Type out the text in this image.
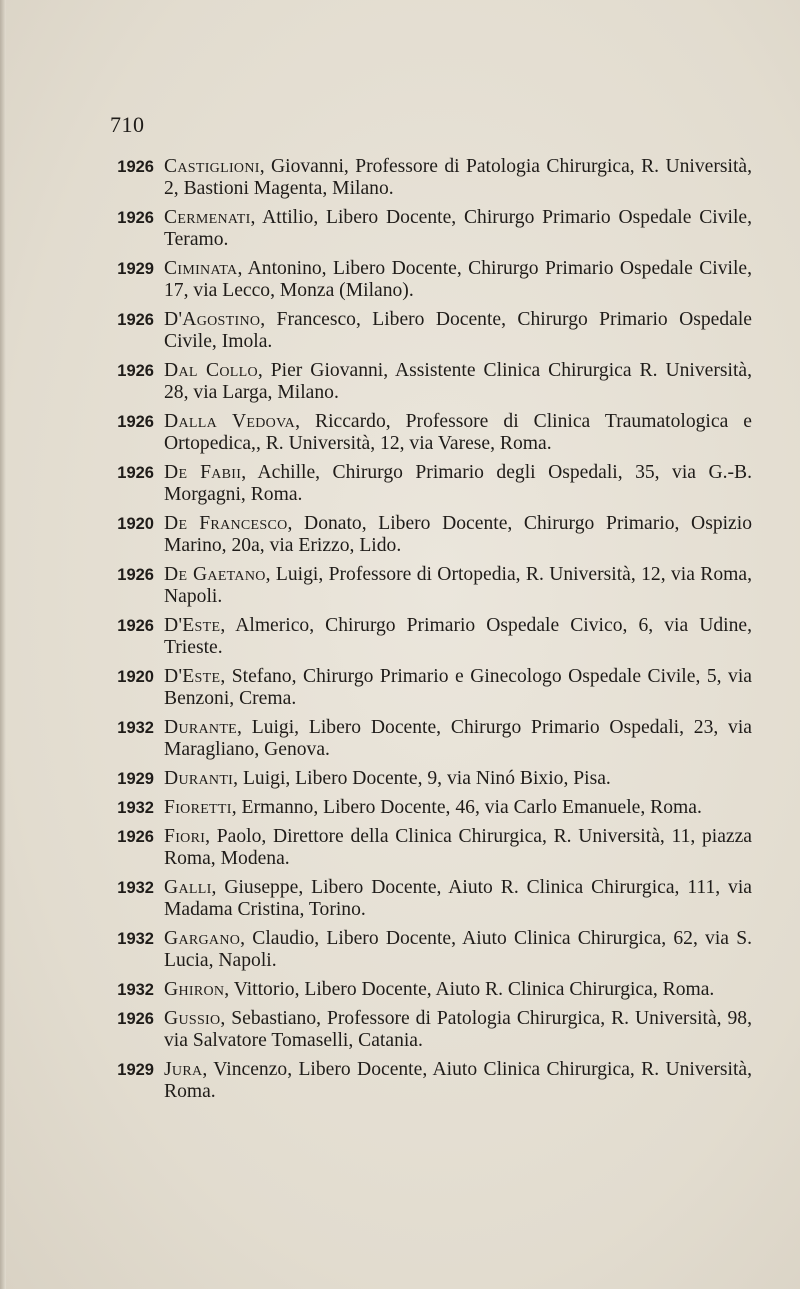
710
1926 Castiglioni, Giovanni, Professore di Patologia Chirurgica, R. Università, 2, Bastioni Magenta, Milano.
1926 Cermenati, Attilio, Libero Docente, Chirurgo Primario Ospedale Civile, Teramo.
1929 Ciminata, Antonino, Libero Docente, Chirurgo Primario Ospedale Civile, 17, via Lecco, Monza (Milano).
1926 D'Agostino, Francesco, Libero Docente, Chirurgo Primario Ospedale Civile, Imola.
1926 Dal Collo, Pier Giovanni, Assistente Clinica Chirurgica R. Università, 28, via Larga, Milano.
1926 Dalla Vedova, Riccardo, Professore di Clinica Traumatologica e Ortopedica,, R. Università, 12, via Varese, Roma.
1926 De Fabii, Achille, Chirurgo Primario degli Ospedali, 35, via G.-B. Morgagni, Roma.
1920 De Francesco, Donato, Libero Docente, Chirurgo Primario, Ospizio Marino, 20a, via Erizzo, Lido.
1926 De Gaetano, Luigi, Professore di Ortopedia, R. Università, 12, via Roma, Napoli.
1926 D'Este, Almerico, Chirurgo Primario Ospedale Civico, 6, via Udine, Trieste.
1920 D'Este, Stefano, Chirurgo Primario e Ginecologo Ospedale Civile, 5, via Benzoni, Crema.
1932 Durante, Luigi, Libero Docente, Chirurgo Primario Ospedali, 23, via Maragliano, Genova.
1929 Duranti, Luigi, Libero Docente, 9, via Ninó Bixio, Pisa.
1932 Fioretti, Ermanno, Libero Docente, 46, via Carlo Emanuele, Roma.
1926 Fiori, Paolo, Direttore della Clinica Chirurgica, R. Università, 11, piazza Roma, Modena.
1932 Galli, Giuseppe, Libero Docente, Aiuto R. Clinica Chirurgica, 111, via Madama Cristina, Torino.
1932 Gargano, Claudio, Libero Docente, Aiuto Clinica Chirurgica, 62, via S. Lucia, Napoli.
1932 Ghiron, Vittorio, Libero Docente, Aiuto R. Clinica Chirurgica, Roma.
1926 Gussio, Sebastiano, Professore di Patologia Chirurgica, R. Università, 98, via Salvatore Tomaselli, Catania.
1929 Jura, Vincenzo, Libero Docente, Aiuto Clinica Chirurgica, R. Università, Roma.
